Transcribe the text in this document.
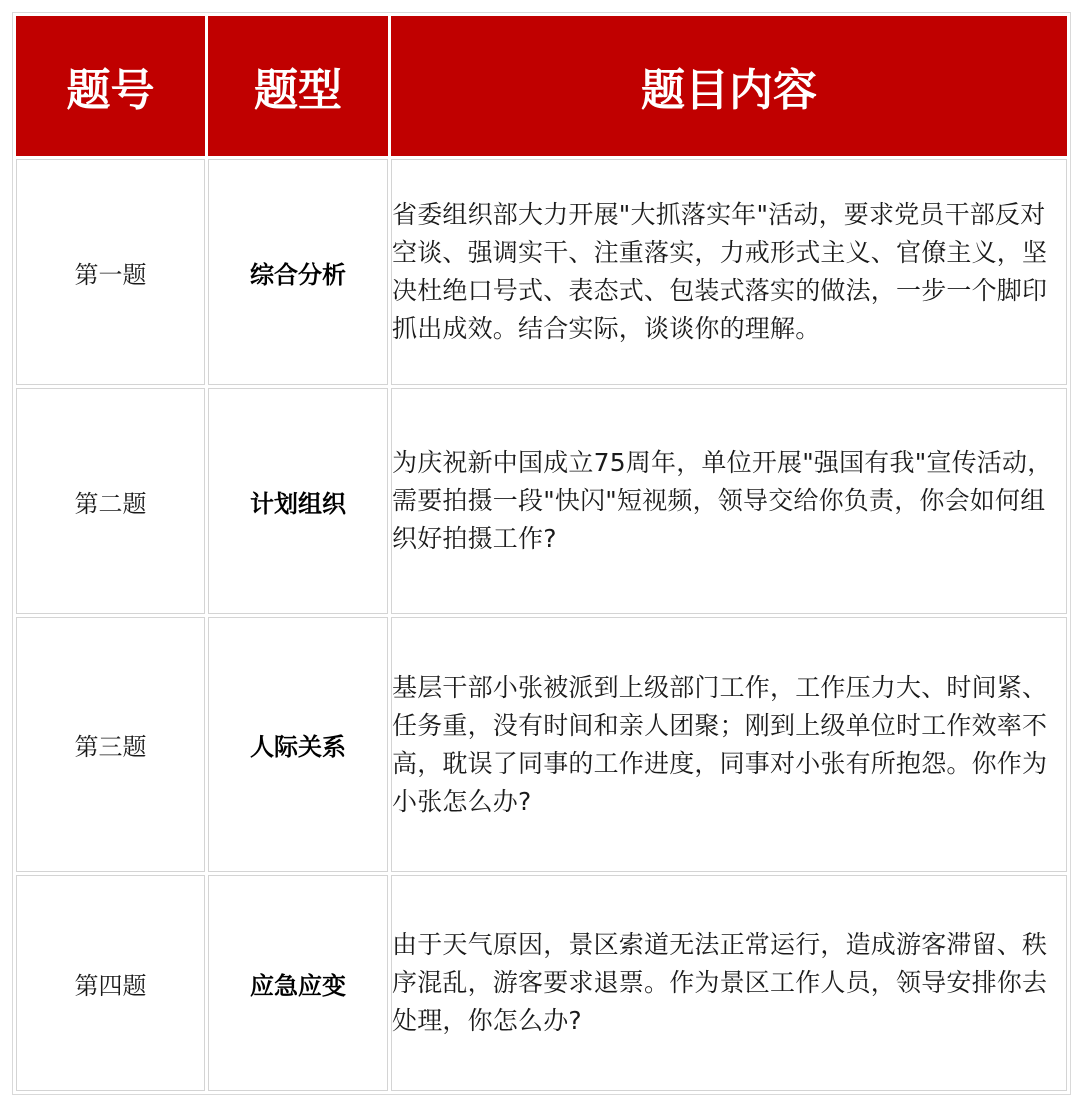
题号	题型	题目内容
第一题	综合分析	省委组织部大力开展"大抓落实年"活动，要求党员干部反对空谈、强调实干、注重落实，力戒形式主义、官僚主义，坚决杜绝口号式、表态式、包装式落实的做法，一步一个脚印抓出成效。结合实际，谈谈你的理解。
第二题	计划组织	为庆祝新中国成立75周年，单位开展"强国有我"宣传活动，需要拍摄一段"快闪"短视频，领导交给你负责，你会如何组织好拍摄工作?
第三题	人际关系	基层干部小张被派到上级部门工作，工作压力大、时间紧、任务重，没有时间和亲人团聚；刚到上级单位时工作效率不高，耽误了同事的工作进度，同事对小张有所抱怨。你作为小张怎么办?
第四题	应急应变	由于天气原因，景区索道无法正常运行，造成游客滞留、秩序混乱，游客要求退票。作为景区工作人员，领导安排你去处理，你怎么办?
